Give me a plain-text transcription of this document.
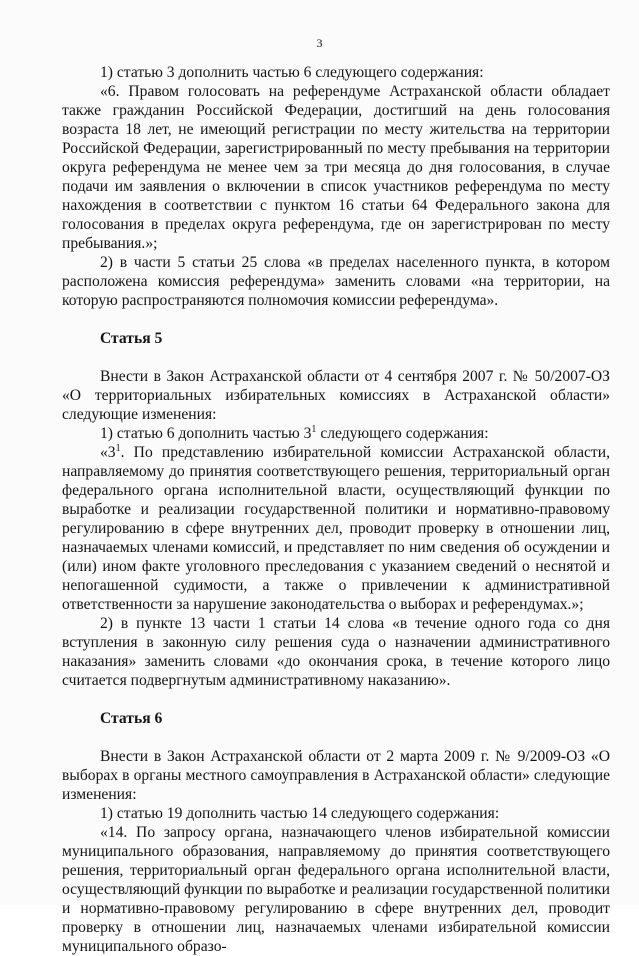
3

1) статью 3 дополнить частью 6 следующего содержания:

«6. Правом голосовать на референдуме Астраханской области обладает также гражданин Российской Федерации, достигший на день голосования возраста 18 лет, не имеющий регистрации по месту жительства на территории Российской Федерации, зарегистрированный по месту пребывания на территории округа референдума не менее чем за три месяца до дня голосования, в случае подачи им заявления о включении в список участников референдума по месту нахождения в соответствии с пунктом 16 статьи 64 Федерального закона для голосования в пределах округа референдума, где он зарегистрирован по месту пребывания.»;

2) в части 5 статьи 25 слова «в пределах населенного пункта, в котором расположена комиссия референдума» заменить словами «на территории, на которую распространяются полномочия комиссии референдума».

Статья 5

Внести в Закон Астраханской области от 4 сентября 2007 г. № 50/2007-ОЗ «О территориальных избирательных комиссиях в Астраханской области» следующие изменения:

1) статью 6 дополнить частью $3^1$ следующего содержания:

«$3^1$. По представлению избирательной комиссии Астраханской области, направляемому до принятия соответствующего решения, территориальный орган федерального органа исполнительной власти, осуществляющий функции по выработке и реализации государственной политики и нормативно-правовому регулированию в сфере внутренних дел, проводит проверку в отношении лиц, назначаемых членами комиссий, и представляет по ним сведения об осуждении и (или) ином факте уголовного преследования с указанием сведений о неснятой и непогашенной судимости, а также о привлечении к административной ответственности за нарушение законодательства о выборах и референдумах.»;

2) в пункте 13 части 1 статьи 14 слова «в течение одного года со дня вступления в законную силу решения суда о назначении административного наказания» заменить словами «до окончания срока, в течение которого лицо считается подвергнутым административному наказанию».

Статья 6

Внести в Закон Астраханской области от 2 марта 2009 г. № 9/2009-ОЗ «О выборах в органы местного самоуправления в Астраханской области» следующие изменения:

1) статью 19 дополнить частью 14 следующего содержания:

«14. По запросу органа, назначающего членов избирательной комиссии муниципального образования, направляемому до принятия соответствующего решения, территориальный орган федерального органа исполнительной власти, осуществляющий функции по выработке и реализации государственной политики и нормативно-правовому регулированию в сфере внутренних дел, проводит проверку в отношении лиц, назначаемых членами избирательной комиссии муниципального образо-
